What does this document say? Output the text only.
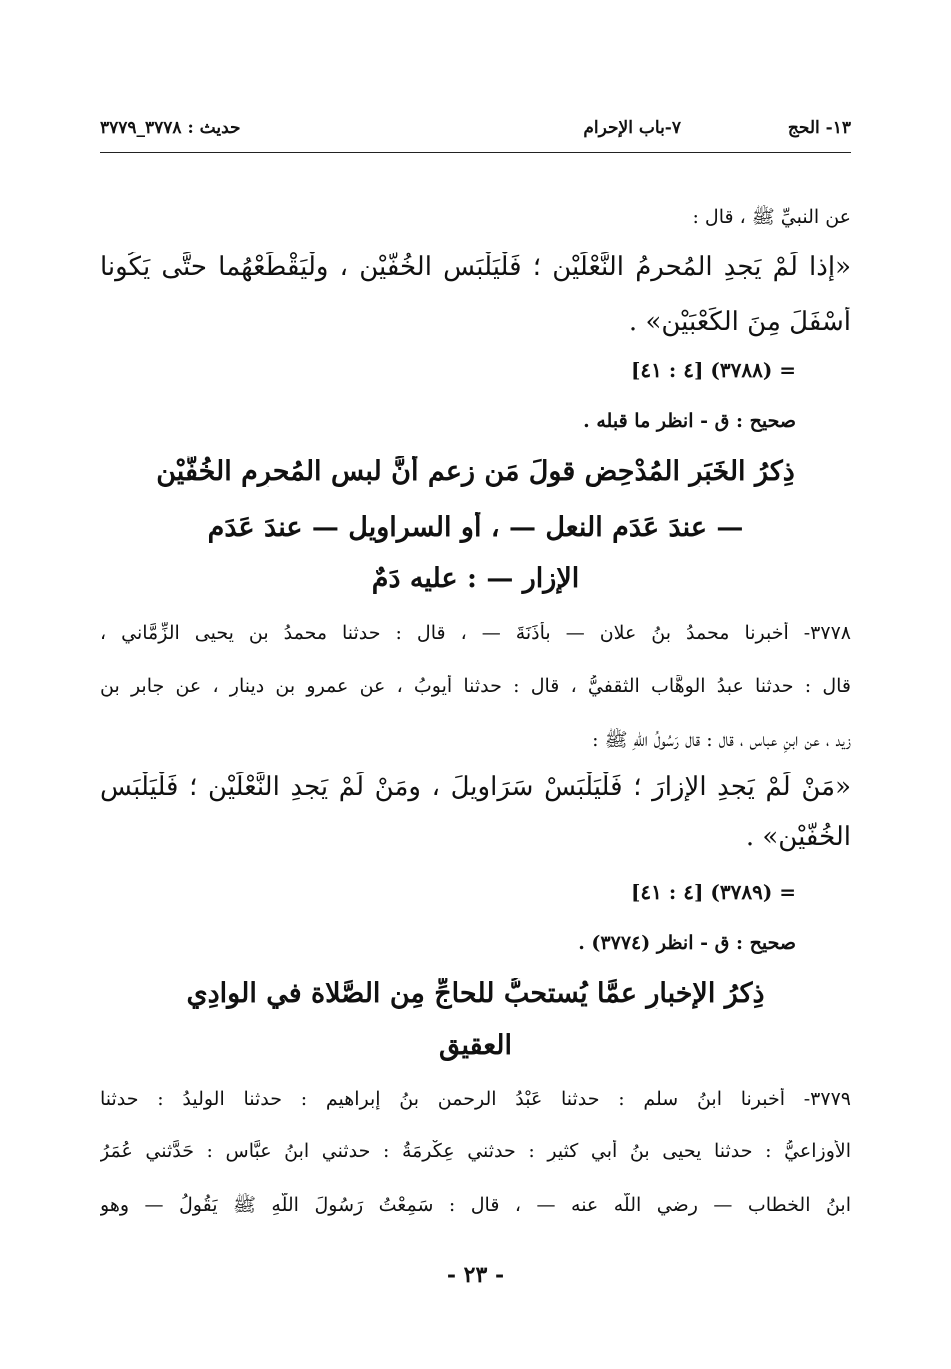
١٣- الحج
٧-باب الإحرام
حديث : ٣٧٧٨_٣٧٧٩
عن النبيِّ ﷺ ، قال :
«إذا لَمْ يَجدِ المُحرِمُ النَّعْلَيْنِ ؛ فَلْيَلْبَسِ الخُفَّيْنِ ، ولْيَقْطَعْهُما حتَّى يَكُونا
أَسْفَلَ مِنَ الكَعْبَيْنِ» .
= (٣٧٨٨) [٤ : ٤١]
صحيح : ق - انظر ما قبله .
ذِكرُ الخَبَرِ المُدْحِضِ قولَ مَن زعم أنَّ لبس المُحرِمِ الخُفَّيْن
— عندَ عَدَمِ النعل — ، أو السراويل — عندَ عَدَمِ
الإزار — : عليه دَمٌ
٣٧٧٨- أخبرنا محمدُ بنُ علان — بأَذَنَةَ — ، قال : حدثنا محمدُ بن يحيى الزِّمَّاني ،
قال : حدثنا عبدُ الوهَّاب الثقفيُّ ، قال : حدثنا أيوبُ ، عن عمرِو بن دينارٍ ، عن جابر بن
زيد ، عن ابنِ عباس ، قال : قال رَسُولُ اللّهِ ﷺ :
«مَنْ لَمْ يَجدِ الإزارَ ؛ فَلْيَلْبَسْ سَرَاويلَ ، ومَنْ لَمْ يَجدِ النَّعْلَيْنِ ؛ فَلْيَلْبَس
الخُفَّيْنِ» .
= (٣٧٨٩) [٤ : ٤١]
صحيح : ق - انظر (٣٧٧٤) .
ذِكرُ الإخبارِ عمَّا يُستحبُّ للحاجِّ مِن الصَّلاة في الوادِي
العقيق
٣٧٧٩- أخبرنا ابنُ سلمٍ : حدثنا عَبْدُ الرحمن بنُ إبراهيم : حدثنا الوليدُ : حدثنا
الأوزاعيُّ : حدثنا يحيى بنُ أبي كثيرٍ : حدثني عِكْرِمَةُ : حدثني ابنُ عبَّاس : حَدَّثني عُمَرُ
ابنُ الخطاب — رضي اللّه عنه — ، قال : سَمِعْتُ رَسُولَ اللّهِ ﷺ يَقُولُ — وهو
- ٢٣ -
